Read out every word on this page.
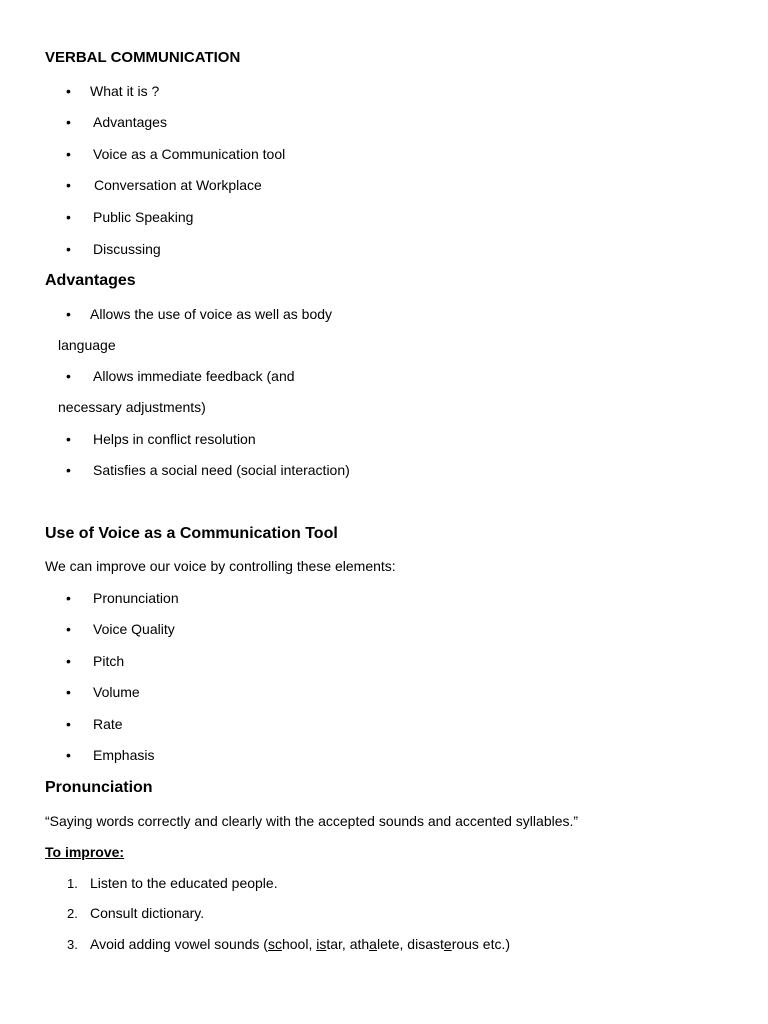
VERBAL COMMUNICATION
• What it is ?
• Advantages
• Voice as a Communication tool
• Conversation at Workplace
• Public Speaking
• Discussing
Advantages
• Allows the use of voice as well as body
language
• Allows immediate feedback (and
necessary adjustments)
• Helps in conflict resolution
• Satisfies a social need (social interaction)
Use of Voice as a Communication Tool
We can improve our voice by controlling these elements:
• Pronunciation
• Voice Quality
• Pitch
• Volume
• Rate
• Emphasis
Pronunciation
“Saying words correctly and clearly with the accepted sounds and accented syllables.”
To improve:
1. Listen to the educated people.
2. Consult dictionary.
3. Avoid adding vowel sounds (school, istar, athalete, disasterous etc.)
